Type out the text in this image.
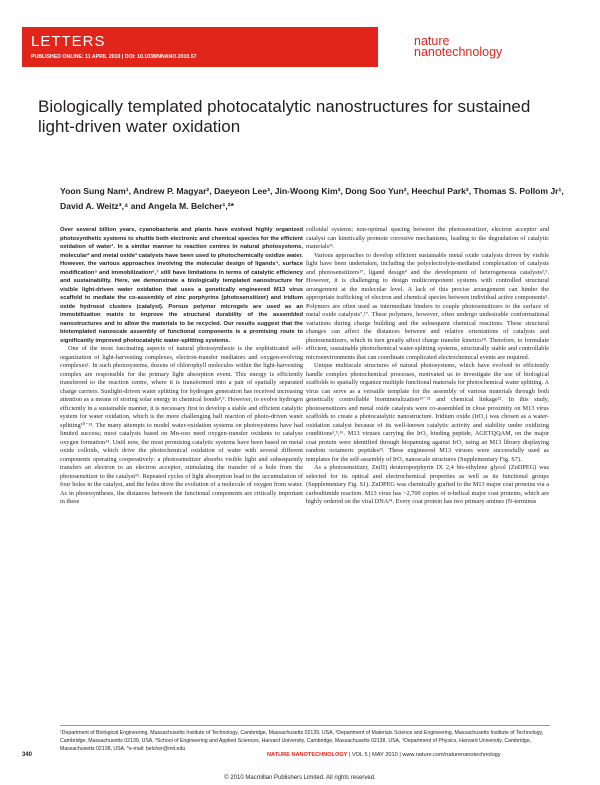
LETTERS
PUBLISHED ONLINE: 11 APRIL 2010 | DOI: 10.1038/NNANO.2010.57
nature
nanotechnology
Biologically templated photocatalytic nanostructures for sustained light-driven water oxidation
Yoon Sung Nam¹, Andrew P. Magyar², Daeyeon Lee³, Jin-Woong Kim³, Dong Soo Yun², Heechul Park², Thomas S. Pollom Jr¹, David A. Weitz³,⁴ and Angela M. Belcher¹,²*

Over several billion years, cyanobacteria and plants have evolved highly organized photosynthetic systems to shuttle both electronic and chemical species for the efficient oxidation of water¹. In a similar manner to reaction centres in natural photosystems, molecular² and metal oxide³ catalysts have been used to photochemically oxidize water. However, the various approaches involving the molecular design of ligands⁴, surface modification⁵ and immobilization⁶,⁷ still have limitations in terms of catalytic efficiency and sustainability. Here, we demonstrate a biologically templated nanostructure for visible light-driven water oxidation that uses a genetically engineered M13 virus scaffold to mediate the co-assembly of zinc porphyrins (photosensitizer) and iridium oxide hydrosol clusters (catalyst). Porous polymer microgels are used as an immobilization matrix to improve the structural durability of the assembled nanostructures and to allow the materials to be recycled. Our results suggest that the biotemplated nanoscale assembly of functional components is a promising route to significantly improved photocatalytic water-splitting systems.

One of the most fascinating aspects of natural photosynthesis is the sophisticated self-organization of light-harvesting complexes, electron-transfer mediators and oxygen-evolving complexes¹. In such photosystems, dozens of chlorophyll molecules within the light-harvesting complex are responsible for the primary light absorption event. This energy is efficiently transferred to the reaction centre, where it is transformed into a pair of spatially separated charge carriers. Sunlight-driven water splitting for hydrogen generation has received increasing attention as a means of storing solar energy in chemical bonds⁸,⁹. However, to evolve hydrogen efficiently in a sustainable manner, it is necessary first to develop a stable and efficient catalytic system for water oxidation, which is the more challenging half reaction of photo-driven water splitting¹⁰⁻¹³. The many attempts to model water-oxidation systems on photosystems have had limited success; most catalysts based on Mn-oxo need oxygen-transfer oxidants to catalyse oxygen formation¹⁴. Until now, the most promising catalytic systems have been based on metal oxide colloids, which drive the photochemical oxidation of water with several different components operating cooperatively: a photosensitizer absorbs visible light and subsequently transfers an electron to an electron acceptor, stimulating the transfer of a hole from the photosensitizer to the catalyst¹⁵. Repeated cycles of light absorption lead to the accumulation of four holes in the catalyst, and the holes drive the evolution of a molecule of oxygen from water. As in photosynthesis, the distances between the functional components are critically important in these

colloidal systems; non-optimal spacing between the photosensitizer, electron acceptor and catalyst can kinetically promote corrosive mechanisms, leading to the degradation of catalytic materials¹⁶.

Various approaches to develop efficient sustainable metal oxide catalysts driven by visible light have been undertaken, including the polyelectrolyte-mediated complexation of catalysts and photosensitizers¹⁷, ligand design⁴ and the development of heterogeneous catalysts³,⁵. However, it is challenging to design multicomponent systems with controlled structural arrangement at the molecular level. A lack of this precise arrangement can hinder the appropriate trafficking of electron and chemical species between individual active components⁵. Polymers are often used as intermediate binders to couple photosensitizers to the surface of metal oxide catalysts⁷,¹⁷. These polymers, however, often undergo undesirable conformational variations during charge building and the subsequent chemical reactions. These structural changes can affect the distances between and relative orientations of catalysts and photosensitizers, which in turn greatly affect charge transfer kinetics¹⁸. Therefore, to formulate efficient, sustainable photochemical water-splitting systems, structurally stable and controllable microenvironments that can coordinate complicated electrochemical events are required.

Unique multiscale structures of natural photosystems, which have evolved to efficiently handle complex photochemical processes, motivated us to investigate the use of biological scaffolds to spatially organize multiple functional materials for photochemical water splitting. A virus can serve as a versatile template for the assembly of various materials through both genetically controllable biomineralization¹⁹⁻²¹ and chemical linkage²². In this study, photosensitizers and metal oxide catalysts were co-assembled in close proximity on M13 virus scaffolds to create a photocatalytic nanostructure. Iridium oxide (IrO₂) was chosen as a water-oxidation catalyst because of its well-known catalytic activity and stability under oxidizing conditions³,⁵,¹⁶. M13 viruses carrying the IrO₂ binding peptide, AGETQQAM, on the major coat protein were identified through biopanning against IrO₂ using an M13 library displaying random octameric peptides²³. These engineered M13 viruses were successfully used as templates for the self-assembly of IrO₂ nanoscale structures (Supplementary Fig. S7).

As a photosensitizer, Zn(II) deuteroporphyrin IX 2,4 bis-ethylene glycol (ZnDPEG) was selected for its optical and electrochemical properties as well as its functional groups (Supplementary Fig. S1). ZnDPEG was chemically grafted to the M13 major coat proteins via a carbodiimide reaction. M13 virus has ~2,700 copies of α-helical major coat proteins, which are highly ordered on the viral DNA²⁴. Every coat protein has two primary amines (N-terminus

¹Department of Biological Engineering, Massachusetts Institute of Technology, Cambridge, Massachusetts 02139, USA, ²Department of Materials Science and Engineering, Massachusetts Institute of Technology, Cambridge, Massachusetts 02139, USA, ³School of Engineering and Applied Sciences, Harvard University, Cambridge, Massachusetts 02138, USA, ⁴Department of Physics, Harvard University, Cambridge, Massachusetts 02138, USA. *e-mail: belcher@mit.edu
340	NATURE NANOTECHNOLOGY | VOL 5 | MAY 2010 | www.nature.com/naturenanotechnology
© 2010 Macmillan Publishers Limited. All rights reserved.
